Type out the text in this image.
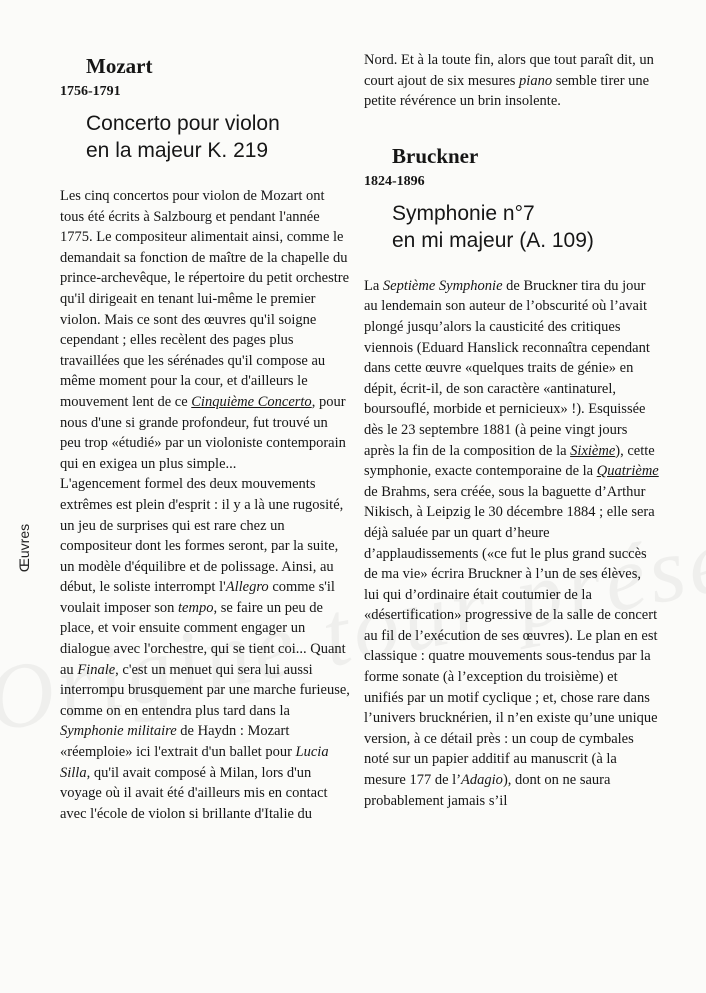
Œuvres
Mozart
1756-1791
Concerto pour violon
en la majeur K. 219

Les cinq concertos pour violon de Mozart ont tous été écrits à Salzbourg et pendant l'année 1775. Le compositeur alimentait ainsi, comme le demandait sa fonction de maître de la chapelle du prince-archevêque, le répertoire du petit orchestre qu'il dirigeait en tenant lui-même le premier violon. Mais ce sont des œuvres qu'il soigne cependant ; elles recèlent des pages plus travaillées que les sérénades qu'il compose au même moment pour la cour, et d'ailleurs le mouvement lent de ce Cinquième Concerto, pour nous d'une si grande profondeur, fut trouvé un peu trop «étudié» par un violoniste contemporain qui en exigea un plus simple...

L'agencement formel des deux mouvements extrêmes est plein d'esprit : il y a là une rugosité, un jeu de surprises qui est rare chez un compositeur dont les formes seront, par la suite, un modèle d'équilibre et de polissage. Ainsi, au début, le soliste interrompt l'Allegro comme s'il voulait imposer son tempo, se faire un peu de place, et voir ensuite comment engager un dialogue avec l'orchestre, qui se tient coi... Quant au Finale, c'est un menuet qui sera lui aussi interrompu brusquement par une marche furieuse, comme on en entendra plus tard dans la Symphonie militaire de Haydn : Mozart «réemploie» ici l'extrait d'un ballet pour Lucia Silla, qu'il avait composé à Milan, lors d'un voyage où il avait été d'ailleurs mis en contact avec l'école de violon si brillante d'Italie du

Nord. Et à la toute fin, alors que tout paraît dit, un court ajout de six mesures piano semble tirer une petite révérence un brin insolente.

Bruckner
1824-1896
Symphonie n°7
en mi majeur (A. 109)

La Septième Symphonie de Bruckner tira du jour au lendemain son auteur de l’obscurité où l’avait plongé jusqu’alors la causticité des critiques viennois (Eduard Hanslick reconnaîtra cependant dans cette œuvre «quelques traits de génie» en dépit, écrit-il, de son caractère «antinaturel, boursouflé, morbide et pernicieux» !). Esquissée dès le 23 septembre 1881 (à peine vingt jours après la fin de la composition de la Sixième), cette symphonie, exacte contemporaine de la Quatrième de Brahms, sera créée, sous la baguette d’Arthur Nikisch, à Leipzig le 30 décembre 1884 ; elle sera déjà saluée par un quart d’heure d’applaudissements («ce fut le plus grand succès de ma vie» écrira Bruckner à l’un de ses élèves, lui qui d’ordinaire était coutumier de la «désertification» progressive de la salle de concert au fil de l’exécution de ses œuvres). Le plan en est classique : quatre mouvements sous-tendus par la forme sonate (à l’exception du troisième) et unifiés par un motif cyclique ; et, chose rare dans l’univers brucknérien, il n’en existe qu’une unique version, à ce détail près : un coup de cymbales noté sur un papier additif au manuscrit (à la mesure 177 de l’Adagio), dont on ne saura probablement jamais s’il
